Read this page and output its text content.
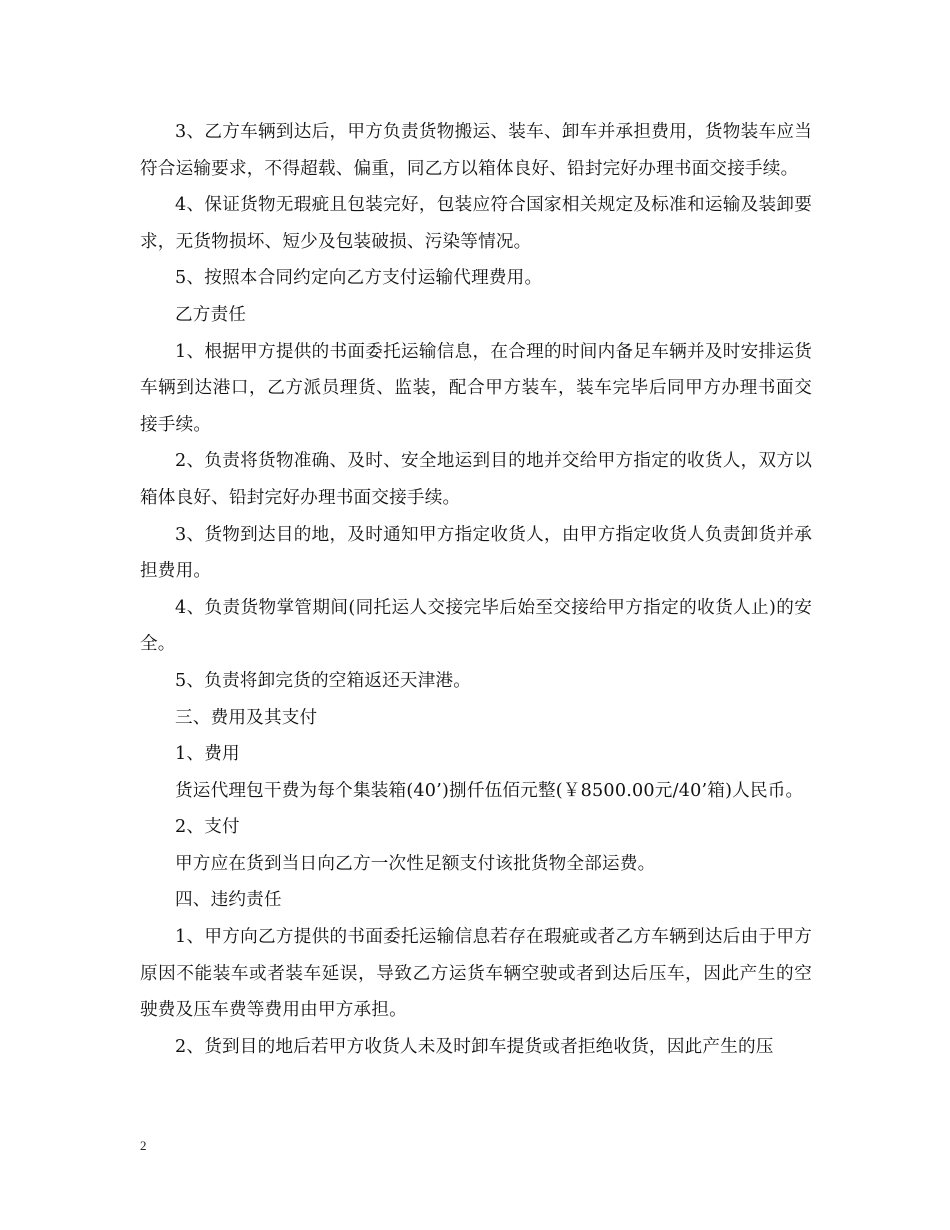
3、乙方车辆到达后，甲方负责货物搬运、装车、卸车并承担费用，货物装车应当符合运输要求，不得超载、偏重，同乙方以箱体良好、铅封完好办理书面交接手续。

4、保证货物无瑕疵且包装完好，包装应符合国家相关规定及标准和运输及装卸要求，无货物损坏、短少及包装破损、污染等情况。

5、按照本合同约定向乙方支付运输代理费用。

乙方责任

1、根据甲方提供的书面委托运输信息，在合理的时间内备足车辆并及时安排运货车辆到达港口，乙方派员理货、监装，配合甲方装车，装车完毕后同甲方办理书面交接手续。

2、负责将货物准确、及时、安全地运到目的地并交给甲方指定的收货人，双方以箱体良好、铅封完好办理书面交接手续。

3、货物到达目的地，及时通知甲方指定收货人，由甲方指定收货人负责卸货并承担费用。

4、负责货物掌管期间(同托运人交接完毕后始至交接给甲方指定的收货人止)的安全。

5、负责将卸完货的空箱返还天津港。

三、费用及其支付

1、费用

货运代理包干费为每个集装箱(40’)捌仟伍佰元整(￥8500.00元/40’箱)人民币。

2、支付

甲方应在货到当日向乙方一次性足额支付该批货物全部运费。

四、违约责任

1、甲方向乙方提供的书面委托运输信息若存在瑕疵或者乙方车辆到达后由于甲方原因不能装车或者装车延误，导致乙方运货车辆空驶或者到达后压车，因此产生的空驶费及压车费等费用由甲方承担。

2、货到目的地后若甲方收货人未及时卸车提货或者拒绝收货，因此产生的压

2
